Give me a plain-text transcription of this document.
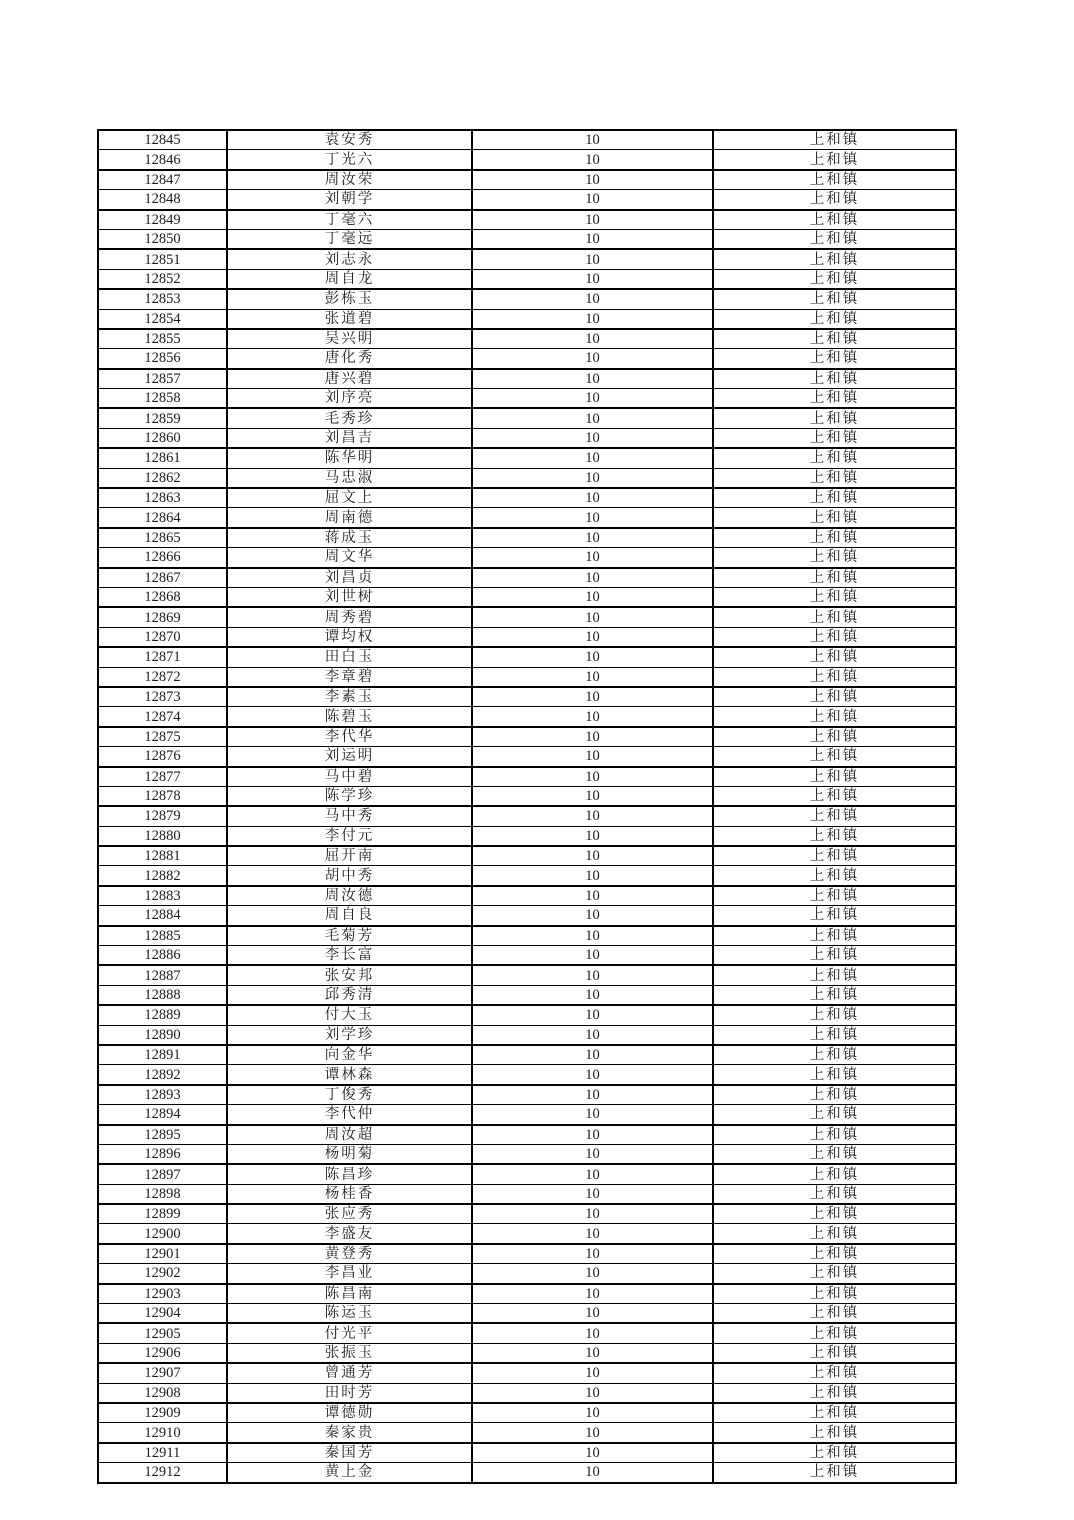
12845	袁安秀	10	上和镇
12846	丁光六	10	上和镇
12847	周汝荣	10	上和镇
12848	刘朝学	10	上和镇
12849	丁毫六	10	上和镇
12850	丁毫远	10	上和镇
12851	刘志永	10	上和镇
12852	周自龙	10	上和镇
12853	彭栋玉	10	上和镇
12854	张道碧	10	上和镇
12855	吴兴明	10	上和镇
12856	唐化秀	10	上和镇
12857	唐兴碧	10	上和镇
12858	刘序亮	10	上和镇
12859	毛秀珍	10	上和镇
12860	刘昌吉	10	上和镇
12861	陈华明	10	上和镇
12862	马忠淑	10	上和镇
12863	屈文上	10	上和镇
12864	周南德	10	上和镇
12865	蒋成玉	10	上和镇
12866	周文华	10	上和镇
12867	刘昌贞	10	上和镇
12868	刘世树	10	上和镇
12869	周秀碧	10	上和镇
12870	谭均权	10	上和镇
12871	田白玉	10	上和镇
12872	李章碧	10	上和镇
12873	李素玉	10	上和镇
12874	陈碧玉	10	上和镇
12875	李代华	10	上和镇
12876	刘运明	10	上和镇
12877	马中碧	10	上和镇
12878	陈学珍	10	上和镇
12879	马中秀	10	上和镇
12880	李付元	10	上和镇
12881	屈开南	10	上和镇
12882	胡中秀	10	上和镇
12883	周汝德	10	上和镇
12884	周自良	10	上和镇
12885	毛菊芳	10	上和镇
12886	李长富	10	上和镇
12887	张安邦	10	上和镇
12888	邱秀清	10	上和镇
12889	付大玉	10	上和镇
12890	刘学珍	10	上和镇
12891	向金华	10	上和镇
12892	谭林森	10	上和镇
12893	丁俊秀	10	上和镇
12894	李代仲	10	上和镇
12895	周汝超	10	上和镇
12896	杨明菊	10	上和镇
12897	陈昌珍	10	上和镇
12898	杨桂香	10	上和镇
12899	张应秀	10	上和镇
12900	李盛友	10	上和镇
12901	黄登秀	10	上和镇
12902	李昌业	10	上和镇
12903	陈昌南	10	上和镇
12904	陈运玉	10	上和镇
12905	付光平	10	上和镇
12906	张振玉	10	上和镇
12907	曾通芳	10	上和镇
12908	田时芳	10	上和镇
12909	谭德勋	10	上和镇
12910	秦家贵	10	上和镇
12911	秦国芳	10	上和镇
12912	黄上金	10	上和镇
